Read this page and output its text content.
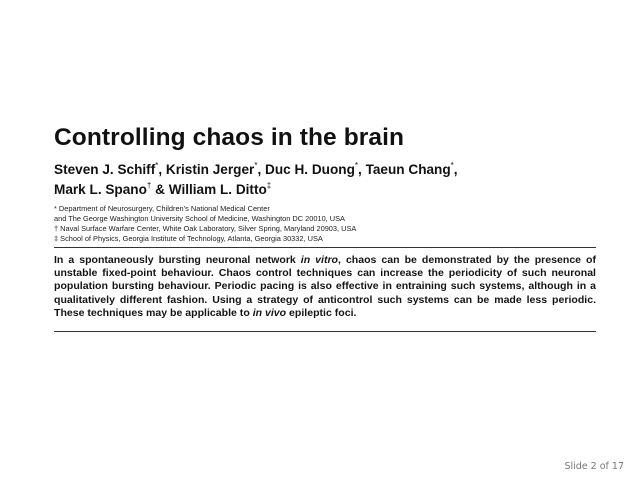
Controlling chaos in the brain
Steven J. Schiff*, Kristin Jerger*, Duc H. Duong*, Taeun Chang*,
Mark L. Spano† & William L. Ditto‡
* Department of Neurosurgery, Children’s National Medical Center
and The George Washington University School of Medicine, Washington DC 20010, USA
† Naval Surface Warfare Center, White Oak Laboratory, Silver Spring, Maryland 20903, USA
‡ School of Physics, Georgia Institute of Technology, Atlanta, Georgia 30332, USA

In a spontaneously bursting neuronal network in vitro, chaos can be demonstrated by the presence of unstable fixed-point behaviour. Chaos control techniques can increase the periodicity of such neuronal population bursting behaviour. Periodic pacing is also effective in entraining such systems, although in a qualitatively different fashion. Using a strategy of anticontrol such systems can be made less periodic. These techniques may be applicable to in vivo epileptic foci.

Slide 2 of 17
